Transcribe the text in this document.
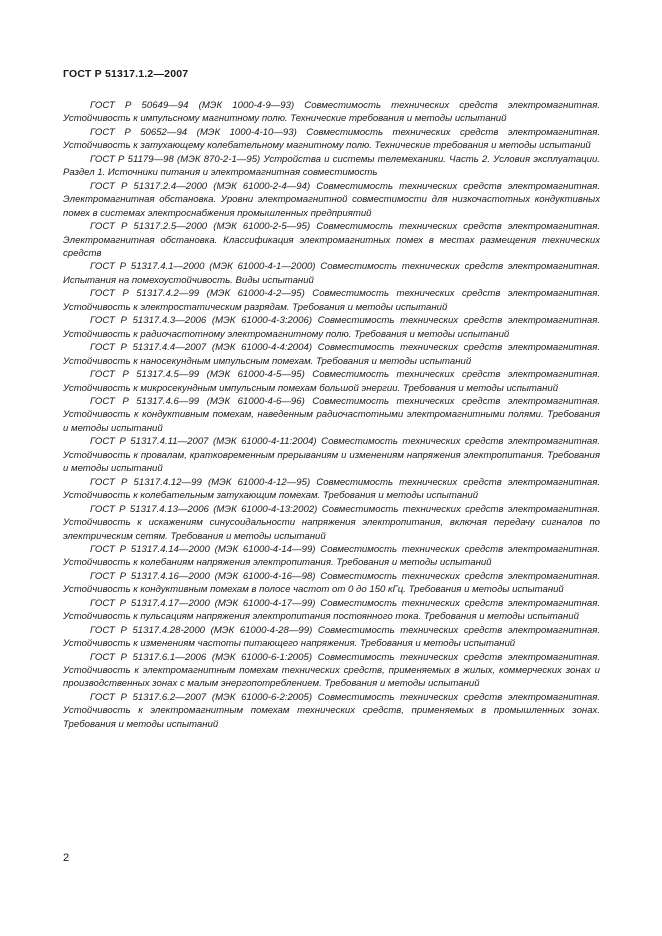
ГОСТ Р 51317.1.2—2007

ГОСТ Р 50649—94 (МЭК 1000-4-9—93) Совместимость технических средств электромагнитная. Устойчивость к импульсному магнитному полю. Технические требования и методы испытаний

ГОСТ Р 50652—94 (МЭК 1000-4-10—93) Совместимость технических средств электромагнитная. Устойчивость к затухающему колебательному магнитному полю. Технические требования и методы испытаний

ГОСТ Р 51179—98 (МЭК 870-2-1—95) Устройства и системы телемеханики. Часть 2. Условия эксплуатации. Раздел 1. Источники питания и электромагнитная совместимость

ГОСТ Р 51317.2.4—2000 (МЭК 61000-2-4—94) Совместимость технических средств электромагнитная. Электромагнитная обстановка. Уровни электромагнитной совместимости для низкочастотных кондуктивных помех в системах электроснабжения промышленных предприятий

ГОСТ Р 51317.2.5—2000 (МЭК 61000-2-5—95) Совместимость технических средств электромагнитная. Электромагнитная обстановка. Классификация электромагнитных помех в местах размещения технических средств

ГОСТ Р 51317.4.1—2000 (МЭК 61000-4-1—2000) Совместимость технических средств электромагнитная. Испытания на помехоустойчивость. Виды испытаний

ГОСТ Р 51317.4.2—99 (МЭК 61000-4-2—95) Совместимость технических средств электромагнитная. Устойчивость к электростатическим разрядам. Требования и методы испытаний

ГОСТ Р 51317.4.3—2006 (МЭК 61000-4-3:2006) Совместимость технических средств электромагнитная. Устойчивость к радиочастотному электромагнитному полю. Требования и методы испытаний

ГОСТ Р 51317.4.4—2007 (МЭК 61000-4-4:2004) Совместимость технических средств электромагнитная. Устойчивость к наносекундным импульсным помехам. Требования и методы испытаний

ГОСТ Р 51317.4.5—99 (МЭК 61000-4-5—95) Совместимость технических средств электромагнитная. Устойчивость к микросекундным импульсным помехам большой энергии. Требования и методы испытаний

ГОСТ Р 51317.4.6—99 (МЭК 61000-4-6—96) Совместимость технических средств электромагнитная. Устойчивость к кондуктивным помехам, наведенным радиочастотными электромагнитными полями. Требования и методы испытаний

ГОСТ Р 51317.4.11—2007 (МЭК 61000-4-11:2004) Совместимость технических средств электромагнитная. Устойчивость к провалам, кратковременным прерываниям и изменениям напряжения электропитания. Требования и методы испытаний

ГОСТ Р 51317.4.12—99 (МЭК 61000-4-12—95) Совместимость технических средств электромагнитная. Устойчивость к колебательным затухающим помехам. Требования и методы испытаний

ГОСТ Р 51317.4.13—2006 (МЭК 61000-4-13:2002) Совместимость технических средств электромагнитная. Устойчивость к искажениям синусоидальности напряжения электропитания, включая передачу сигналов по электрическим сетям. Требования и методы испытаний

ГОСТ Р 51317.4.14—2000 (МЭК 61000-4-14—99) Совместимость технических средств электромагнитная. Устойчивость к колебаниям напряжения электропитания. Требования и методы испытаний

ГОСТ Р 51317.4.16—2000 (МЭК 61000-4-16—98) Совместимость технических средств электромагнитная. Устойчивость к кондуктивным помехам в полосе частот от 0 до 150 кГц. Требования и методы испытаний

ГОСТ Р 51317.4.17—2000 (МЭК 61000-4-17—99) Совместимость технических средств электромагнитная. Устойчивость к пульсациям напряжения электропитания постоянного тока. Требования и методы испытаний

ГОСТ Р 51317.4.28-2000 (МЭК 61000-4-28—99) Совместимость технических средств электромагнитная. Устойчивость к изменениям частоты питающего напряжения. Требования и методы испытаний

ГОСТ Р 51317.6.1—2006 (МЭК 61000-6-1:2005) Совместимость технических средств электромагнитная. Устойчивость к электромагнитным помехам технических средств, применяемых в жилых, коммерческих зонах и производственных зонах с малым энергопотреблением. Требования и методы испытаний

ГОСТ Р 51317.6.2—2007 (МЭК 61000-6-2:2005) Совместимость технических средств электромагнитная. Устойчивость к электромагнитным помехам технических средств, применяемых в промышленных зонах. Требования и методы испытаний

2
